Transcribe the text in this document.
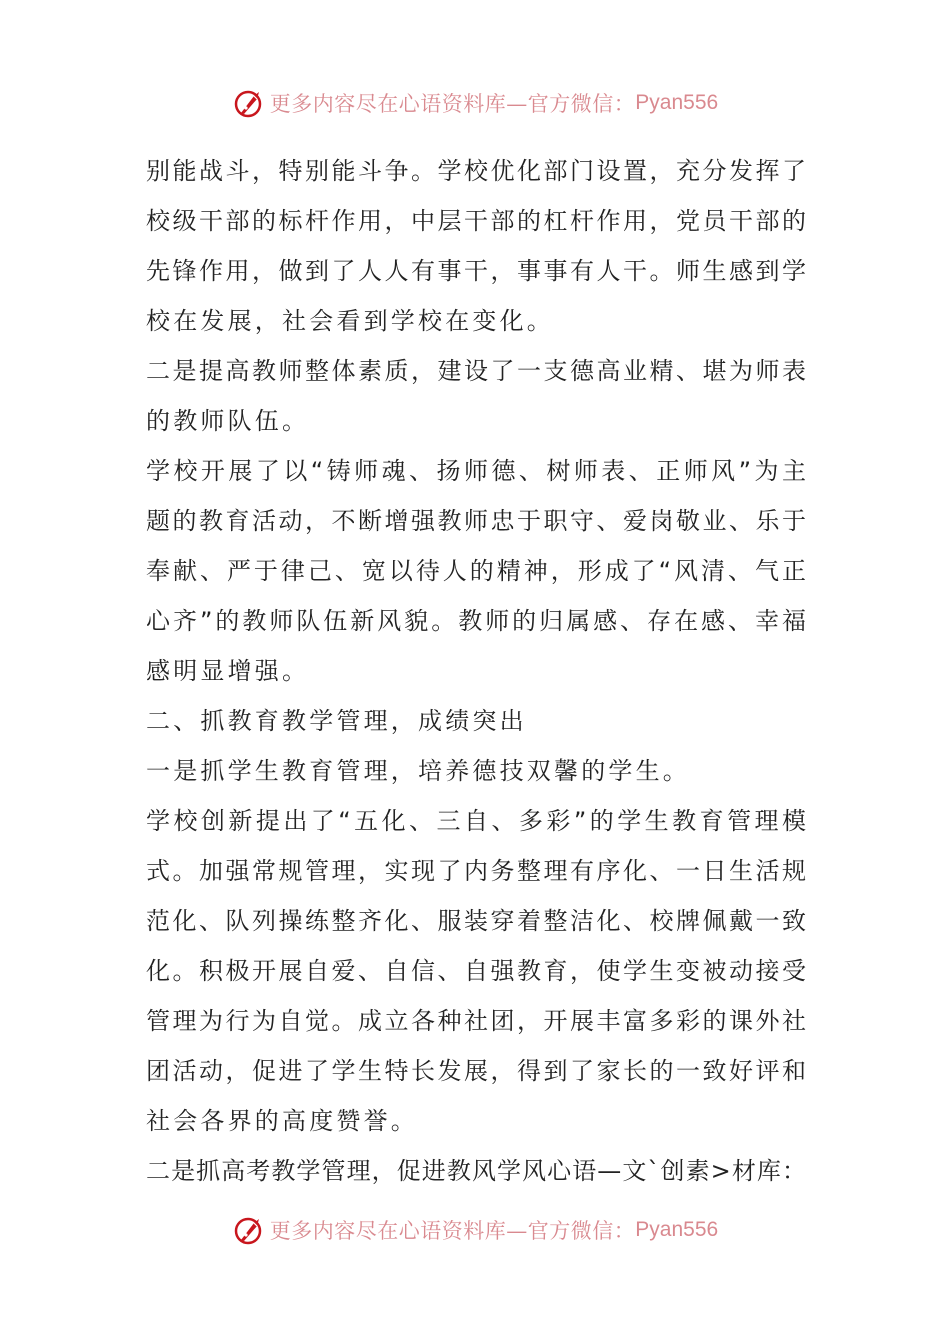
更多内容尽在心语资料库—官方微信： Pyan556
别能战斗，特别能斗争。学校优化部门设置，充分发挥了
校级干部的标杆作用，中层干部的杠杆作用，党员干部的
先锋作用，做到了人人有事干，事事有人干。师生感到学
校在发展，社会看到学校在变化。
二是提高教师整体素质，建设了一支德高业精、堪为师表
的教师队伍。
学校开展了以“铸师魂、扬师德、树师表、正师风”为主
题的教育活动，不断增强教师忠于职守、爱岗敬业、乐于
奉献、严于律己、宽以待人的精神，形成了“风清、气正
心齐”的教师队伍新风貌。教师的归属感、存在感、幸福
感明显增强。
二、抓教育教学管理，成绩突出
一是抓学生教育管理，培养德技双馨的学生。
学校创新提出了“五化、三自、多彩”的学生教育管理模
式。加强常规管理，实现了内务整理有序化、一日生活规
范化、队列操练整齐化、服装穿着整洁化、校牌佩戴一致
化。积极开展自爱、自信、自强教育，使学生变被动接受
管理为行为自觉。成立各种社团，开展丰富多彩的课外社
团活动，促进了学生特长发展，得到了家长的一致好评和
社会各界的高度赞誉。
二是抓高考教学管理，促进教风学风心语—文`创素>材库：
更多内容尽在心语资料库—官方微信： Pyan556
